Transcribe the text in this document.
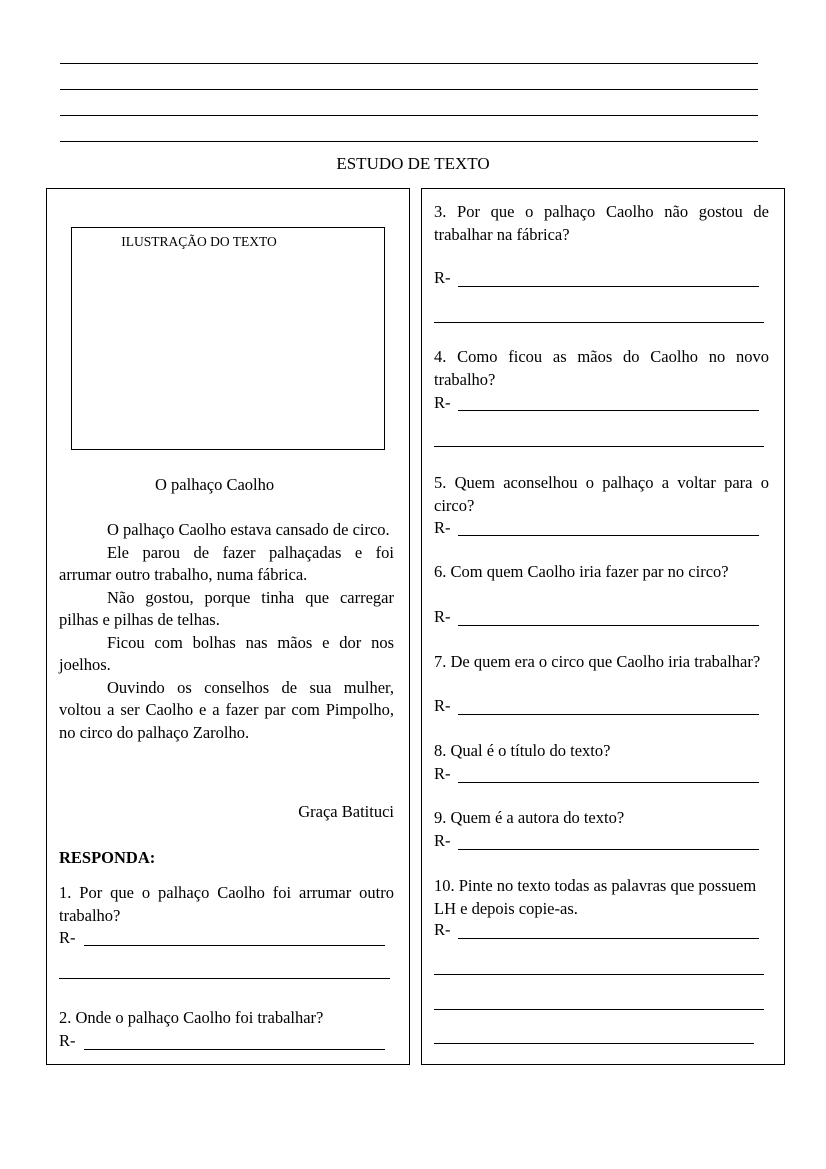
ESTUDO DE TEXTO
ILUSTRAÇÃO DO TEXTO
O palhaço Caolho

O palhaço Caolho estava cansado de circo.

Ele parou de fazer palhaçadas e foi arrumar outro trabalho, numa fábrica.

Não gostou, porque tinha que carregar pilhas e pilhas de telhas.

Ficou com bolhas nas mãos e dor nos joelhos.

Ouvindo os conselhos de sua mulher, voltou a ser Caolho e a fazer par com Pimpolho, no circo do palhaço Zarolho.

Graça Batituci
RESPONDA:
1. Por que o palhaço Caolho foi arrumar outro trabalho?
R-
2. Onde o palhaço Caolho foi trabalhar?
R-
3. Por que o palhaço Caolho não gostou de trabalhar na fábrica?
R-
4. Como ficou as mãos do Caolho no novo trabalho?
R-
5. Quem aconselhou o palhaço a voltar para o circo?
R-
6. Com quem Caolho iria fazer par no circo?
R-
7. De quem era o circo que Caolho iria trabalhar?
R-
8. Qual é o título do texto?
R-
9. Quem é a autora do texto?
R-
10. Pinte no texto todas as palavras que possuem LH e depois copie-as.
R-
